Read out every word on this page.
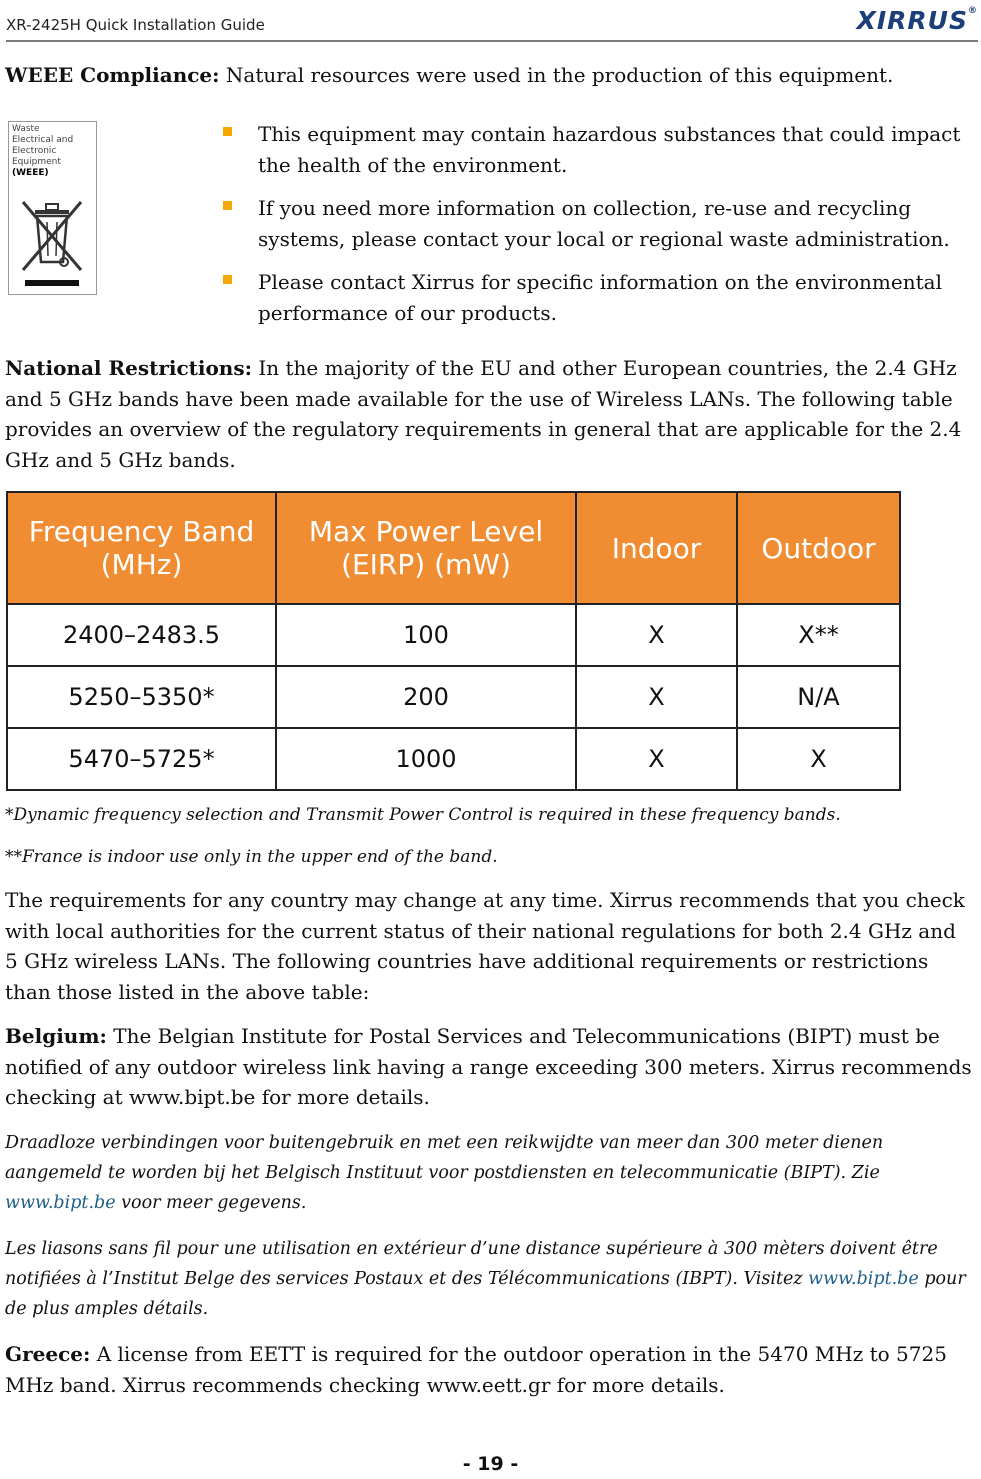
XR-2425H Quick Installation Guide	XIRRUS®
WEEE Compliance: Natural resources were used in the production of this equipment.
Waste
Electrical and
Electronic
Equipment
(WEEE)
This equipment may contain hazardous substances that could impact the health of the environment.
If you need more information on collection, re-use and recycling systems, please contact your local or regional waste administration.
Please contact Xirrus for specific information on the environmental performance of our products.
National Restrictions: In the majority of the EU and other European countries, the 2.4 GHz and 5 GHz bands have been made available for the use of Wireless LANs. The following table provides an overview of the regulatory requirements in general that are applicable for the 2.4 GHz and 5 GHz bands.
Frequency Band (MHz)	Max Power Level (EIRP) (mW)	Indoor	Outdoor
2400–2483.5	100	X	X**
5250–5350*	200	X	N/A
5470–5725*	1000	X	X
*Dynamic frequency selection and Transmit Power Control is required in these frequency bands.
**France is indoor use only in the upper end of the band.
The requirements for any country may change at any time. Xirrus recommends that you check with local authorities for the current status of their national regulations for both 2.4 GHz and 5 GHz wireless LANs. The following countries have additional requirements or restrictions than those listed in the above table:
Belgium: The Belgian Institute for Postal Services and Telecommunications (BIPT) must be notified of any outdoor wireless link having a range exceeding 300 meters. Xirrus recommends checking at www.bipt.be for more details.
Draadloze verbindingen voor buitengebruik en met een reikwijdte van meer dan 300 meter dienen aangemeld te worden bij het Belgisch Instituut voor postdiensten en telecommunicatie (BIPT). Zie www.bipt.be voor meer gegevens.
Les liasons sans fil pour une utilisation en extérieur d’une distance supérieure à 300 mèters doivent être notifiées à l’Institut Belge des services Postaux et des Télécommunications (IBPT). Visitez www.bipt.be pour de plus amples détails.
Greece: A license from EETT is required for the outdoor operation in the 5470 MHz to 5725 MHz band. Xirrus recommends checking www.eett.gr for more details.
- 19 -
